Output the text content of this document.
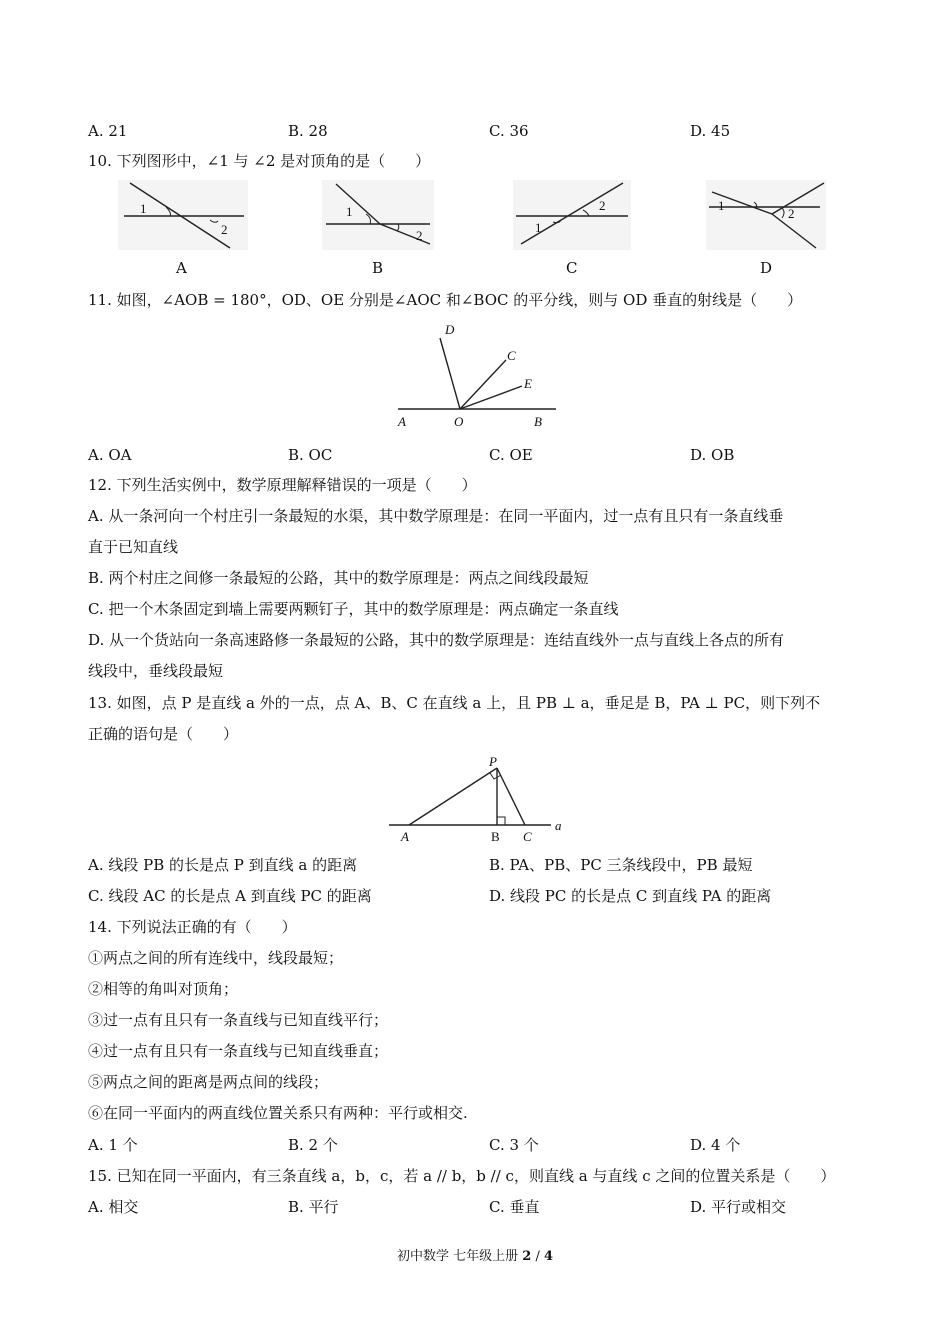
A. 21	B. 28	C. 36	D. 45
10. 下列图形中，∠1 与 ∠2 是对顶角的是（　　）
1
2
A
1
2
B
1
2
C
1
2
D
11. 如图，∠AOB = 180°，OD、OE 分别是∠AOC 和∠BOC 的平分线，则与 OD 垂直的射线是（　　）
D
C
E
A	O	B
A. OA	B. OC	C. OE	D. OB
12. 下列生活实例中，数学原理解释错误的一项是（　　）
A. 从一条河向一个村庄引一条最短的水渠，其中数学原理是：在同一平面内，过一点有且只有一条直线垂
直于已知直线
B. 两个村庄之间修一条最短的公路，其中的数学原理是：两点之间线段最短
C. 把一个木条固定到墙上需要两颗钉子，其中的数学原理是：两点确定一条直线
D. 从一个货站向一条高速路修一条最短的公路，其中的数学原理是：连结直线外一点与直线上各点的所有
线段中，垂线段最短
13. 如图，点 P 是直线 a 外的一点，点 A、B、C 在直线 a 上，且 PB ⊥ a，垂足是 B，PA ⊥ PC，则下列不
正确的语句是（　　）
P
A	B C
a
A. 线段 PB 的长是点 P 到直线 a 的距离	B. PA、PB、PC 三条线段中，PB 最短
C. 线段 AC 的长是点 A 到直线 PC 的距离	D. 线段 PC 的长是点 C 到直线 PA 的距离
14. 下列说法正确的有（　　）
①两点之间的所有连线中，线段最短；
②相等的角叫对顶角；
③过一点有且只有一条直线与已知直线平行；
④过一点有且只有一条直线与已知直线垂直；
⑤两点之间的距离是两点间的线段；
⑥在同一平面内的两直线位置关系只有两种：平行或相交.
A. 1 个	B. 2 个	C. 3 个	D. 4 个
15. 已知在同一平面内，有三条直线 a，b，c，若 a // b，b // c，则直线 a 与直线 c 之间的位置关系是（　　）
A. 相交	B. 平行	C. 垂直	D. 平行或相交
初中数学 七年级上册 2 / 4
